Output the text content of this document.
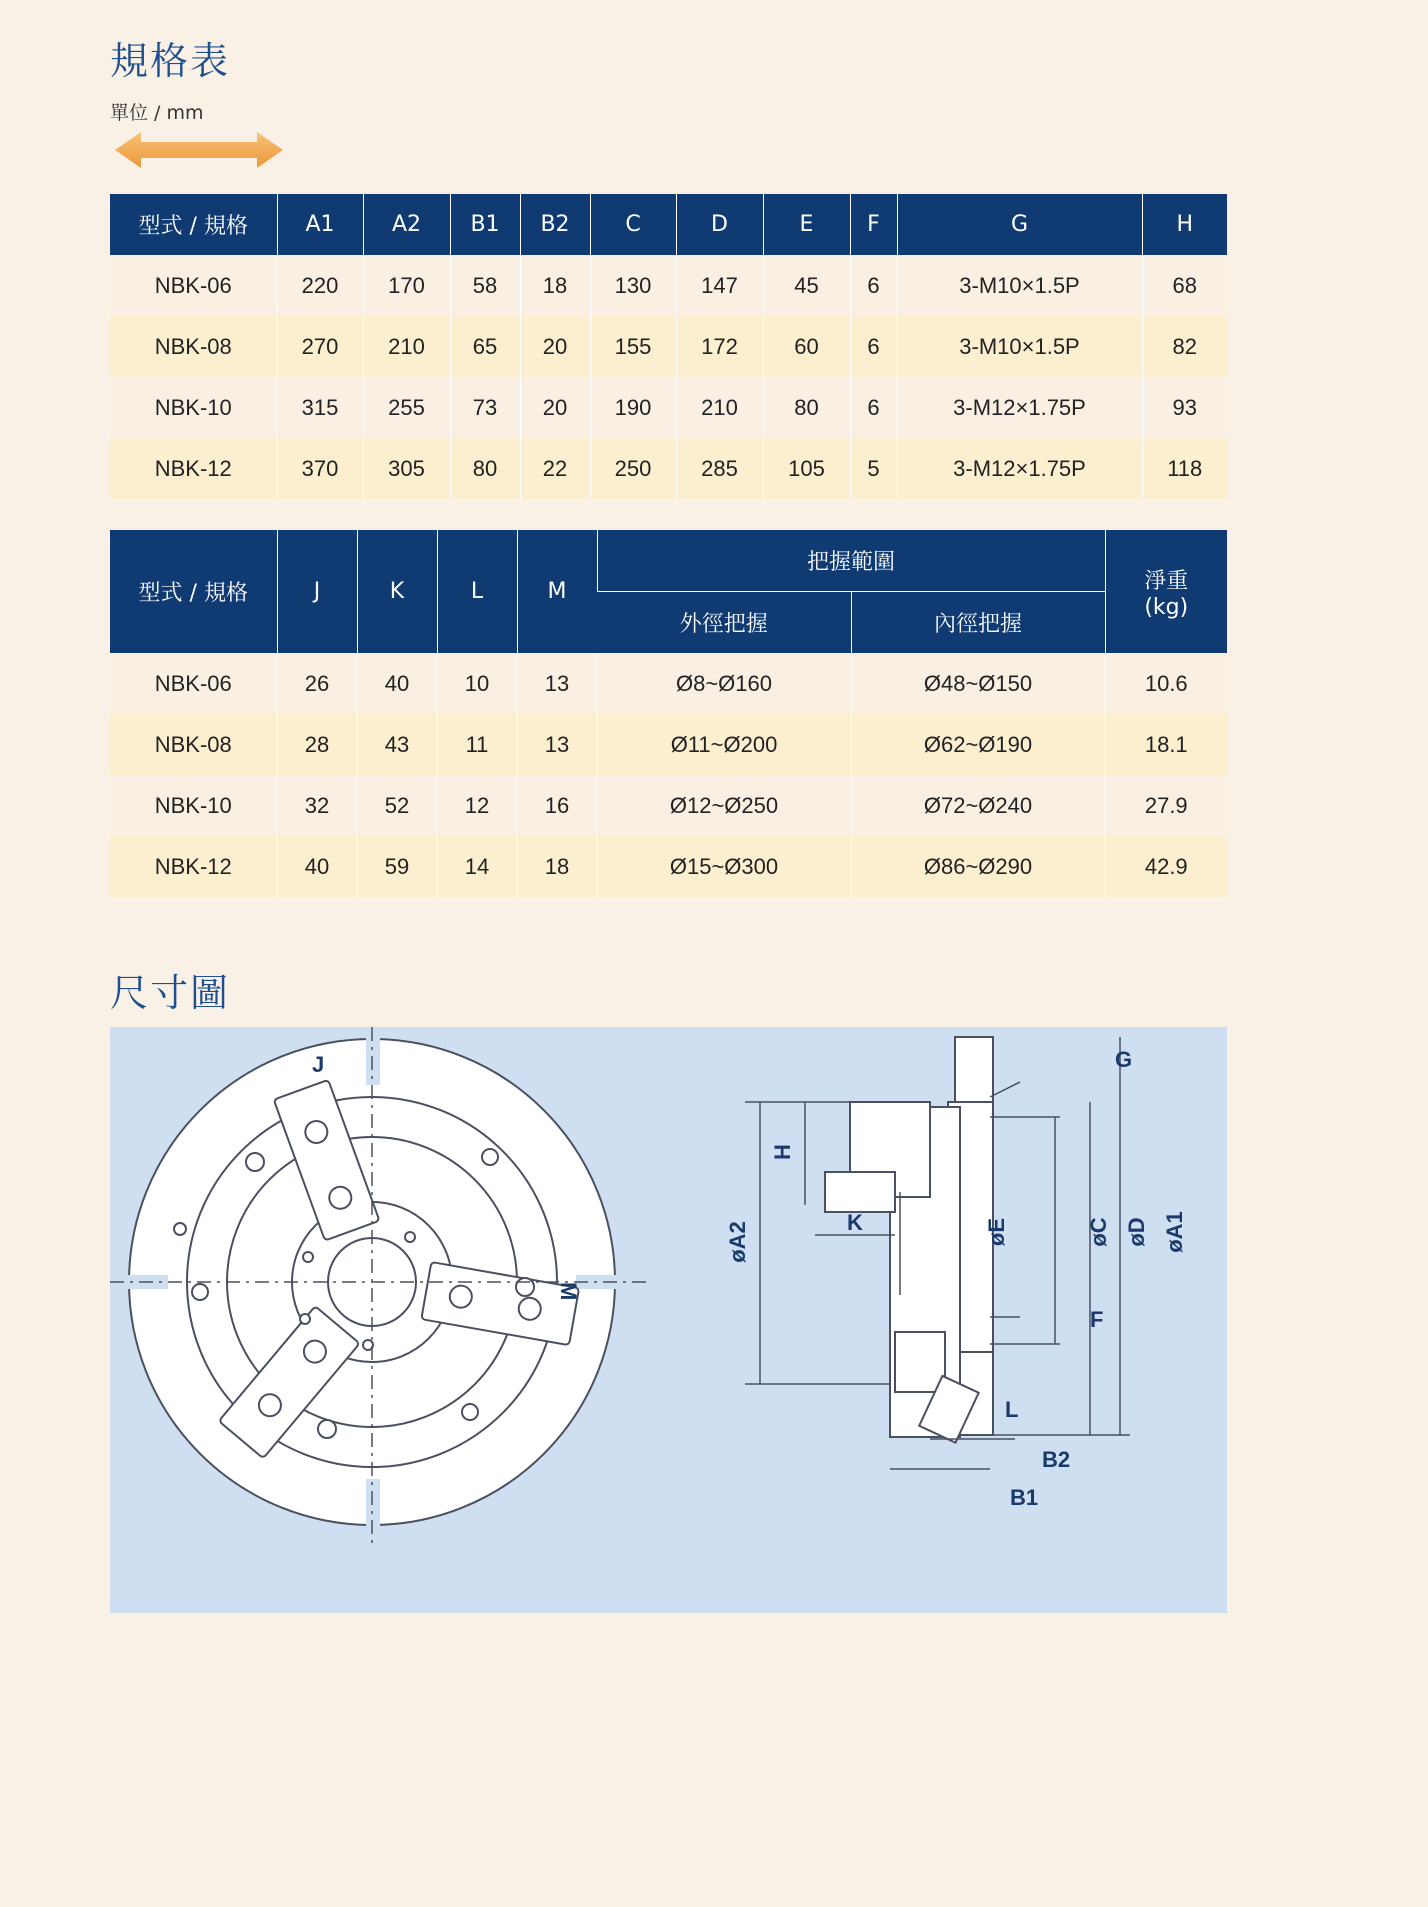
規格表
單位 / mm
型式 / 規格	A1	A2	B1	B2	C	D	E	F	G	H
NBK-06	220	170	58	18	130	147	45	6	3-M10×1.5P	68
NBK-08	270	210	65	20	155	172	60	6	3-M10×1.5P	82
NBK-10	315	255	73	20	190	210	80	6	3-M12×1.75P	93
NBK-12	370	305	80	22	250	285	105	5	3-M12×1.75P	118
型式 / 規格	J	K	L	M	把握範圍		淨重
(kg)
					外徑把握	內徑把握	
NBK-06	26	40	10	13	Ø8~Ø160	Ø48~Ø150	10.6
NBK-08	28	43	11	13	Ø11~Ø200	Ø62~Ø190	18.1
NBK-10	32	52	12	16	Ø12~Ø250	Ø72~Ø240	27.9
NBK-12	40	59	14	18	Ø15~Ø300	Ø86~Ø290	42.9
尺寸圖
J
M
H
øA2	K	øE	øC øD øA1
G
F
L
B2
B1
